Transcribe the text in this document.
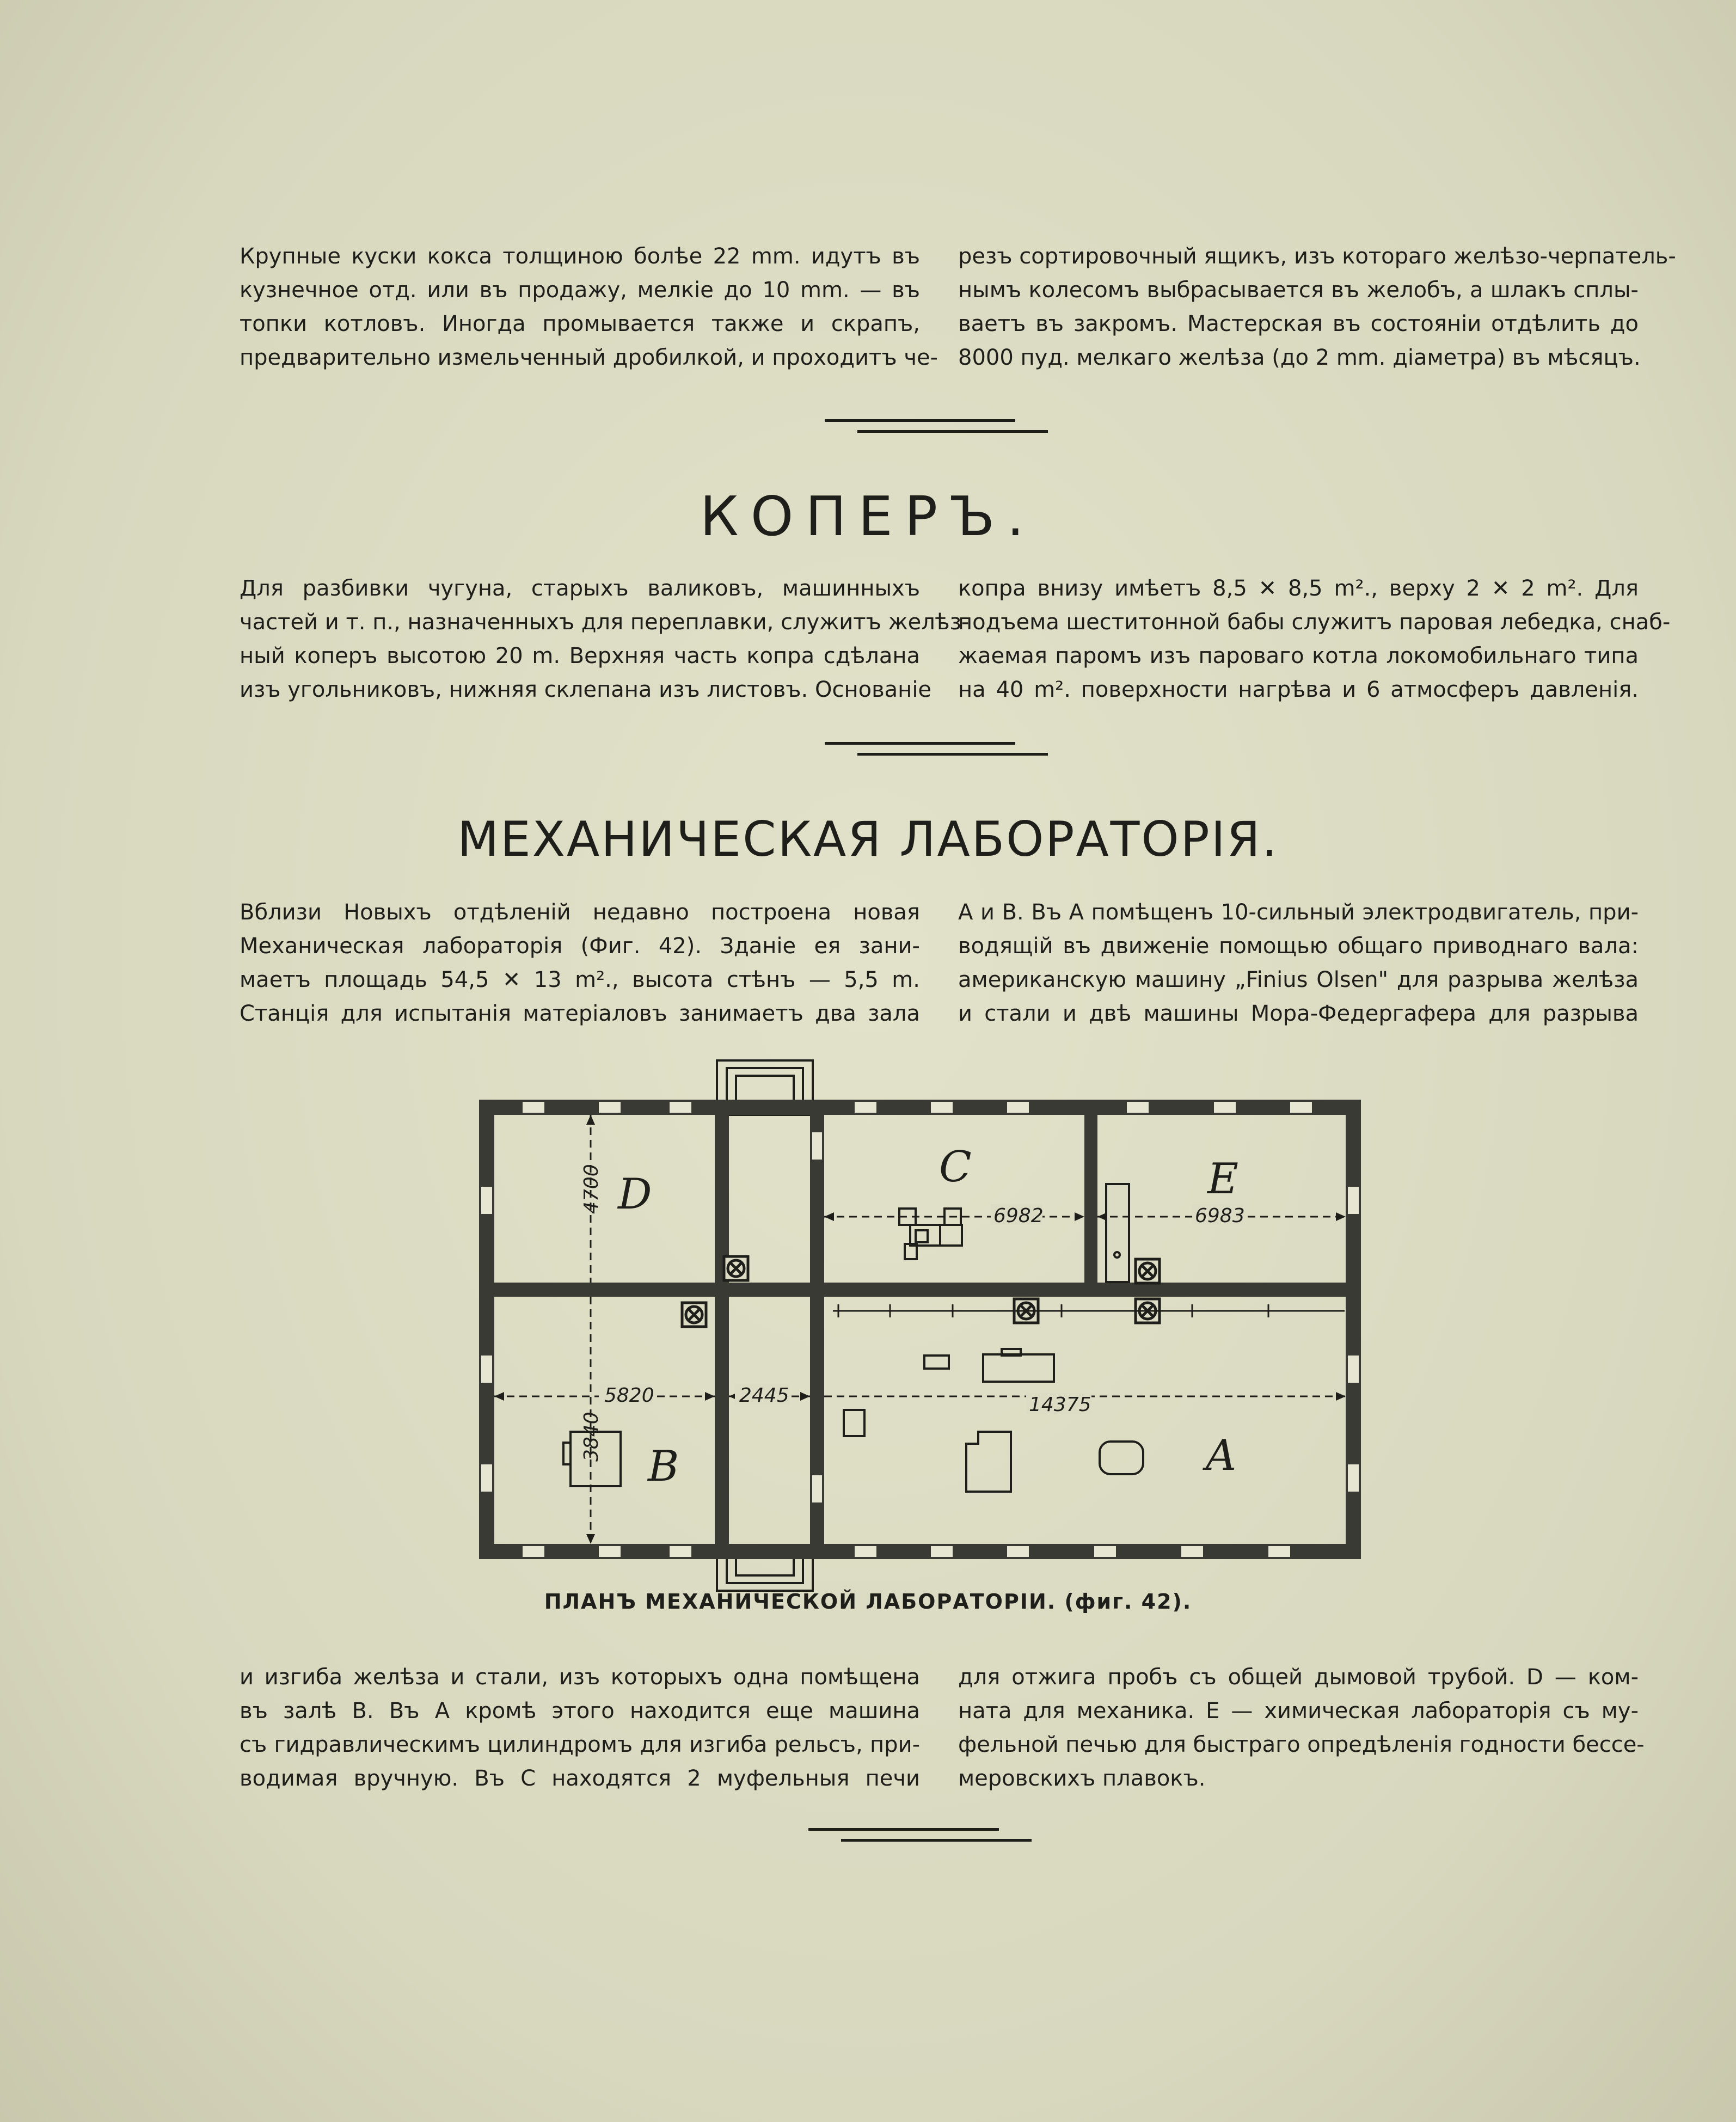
Крупные куски кокса толщиною болѣе 22 mm. идутъ въ
кузнечное отд. или въ продажу, мелкіе до 10 mm. — въ
топки котловъ. Иногда промывается также и скрапъ,
предварительно измельченный дробилкой, и проходитъ че-
резъ сортировочный ящикъ, изъ котораго желѣзо-черпатель-
нымъ колесомъ выбрасывается въ желобъ, а шлакъ сплы-
ваетъ въ закромъ. Мастерская въ состояніи отдѣлить до
8000 пуд. мелкаго желѣза (до 2 mm. діаметра) въ мѣсяцъ.
КОПЕРЪ.
Для разбивки чугуна, старыхъ валиковъ, машинныхъ
частей и т. п., назначенныхъ для переплавки, служитъ желѣз-
ный коперъ высотою 20 m. Верхняя часть копра сдѣлана
изъ угольниковъ, нижняя склепана изъ листовъ. Основаніе
копра внизу имѣетъ 8,5 ✕ 8,5 m²., верху 2 ✕ 2 m². Для
подъема шеститонной бабы служитъ паровая лебедка, снаб-
жаемая паромъ изъ пароваго котла локомобильнаго типа
на 40 m². поверхности нагрѣва и 6 атмосферъ давленія.
МЕХАНИЧЕСКАЯ ЛАБОРАТОРІЯ.
Вблизи Новыхъ отдѣленій недавно построена новая
Механическая лабораторія (Фиг. 42). Зданіе ея зани-
маетъ площадь 54,5 ✕ 13 m²., высота стѣнъ — 5,5 m.
Станція для испытанія матеріаловъ занимаетъ два зала
А и В. Въ А помѣщенъ 10-сильный электродвигатель, при-
водящій въ движеніе помощью общаго приводнаго вала:
американскую машину „Finius Olsen" для разрыва желѣза
и стали и двѣ машины Мора-Федергафера для разрыва
4700
3840
6982	6983
5820	2445	14375
D
C	E
B	A
ПЛАНЪ МЕХАНИЧЕСКОЙ ЛАБОРАТОРІИ. (фиг. 42).
и изгиба желѣза и стали, изъ которыхъ одна помѣщена
въ залѣ В. Въ А кромѣ этого находится еще машина
съ гидравлическимъ цилиндромъ для изгиба рельсъ, при-
водимая вручную. Въ С находятся 2 муфельныя печи
для отжига пробъ съ общей дымовой трубой. D — ком-
ната для механика. Е — химическая лабораторія съ му-
фельной печью для быстраго опредѣленія годности бессе-
меровскихъ плавокъ.
